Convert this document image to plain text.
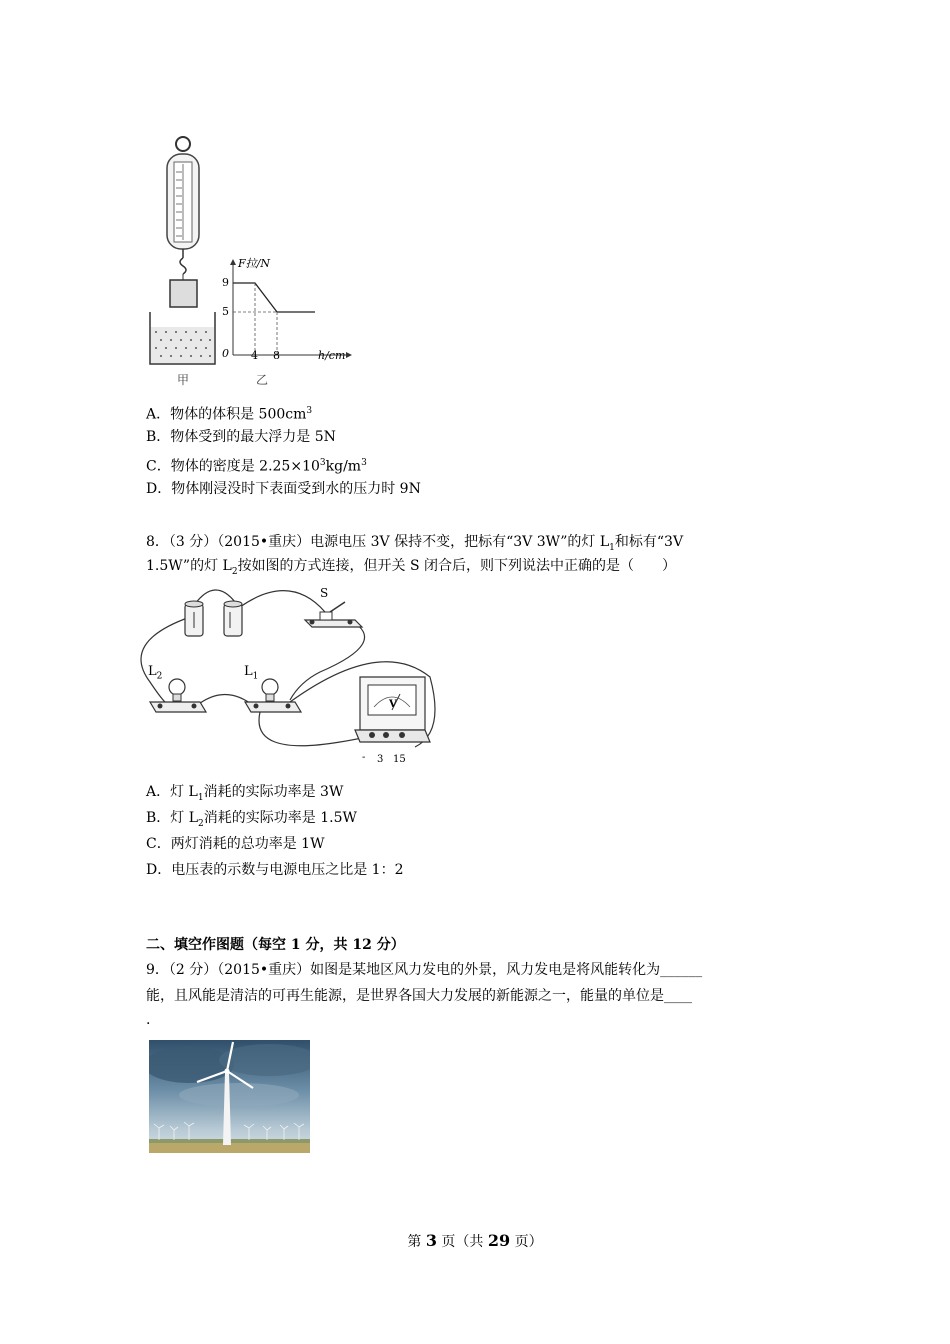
F拉/N
h/cm
0
9
5
4 8
甲	乙
A．物体的体积是 $500cm^3$
B．物体受到的最大浮力是 5N
C．物体的密度是 $2.25\times 10^3kg/m^3$
D．物体刚浸没时下表面受到水的压力时 9N
8．（3 分）（2015•重庆）电源电压 3V 保持不变，把标有“3V 3W”的灯 $L_1$和标有“3V
1.5W”的灯 $L_2$按如图的方式连接，但开关 S 闭合后，则下列说法中正确的是（　　）
S
$L_2$	$L_1$
V
- 3 15
A．灯 $L_1$消耗的实际功率是 3W
B．灯 $L_2$消耗的实际功率是 1.5W
C．两灯消耗的总功率是 1W
D．电压表的示数与电源电压之比是 1：2
二、填空作图题（每空 1 分，共 12 分）
9．（2 分）（2015•重庆）如图是某地区风力发电的外景，风力发电是将风能转化为______
能，且风能是清洁的可再生能源，是世界各国大力发展的新能源之一，能量的单位是____
.
第 3 页（共 29 页）
